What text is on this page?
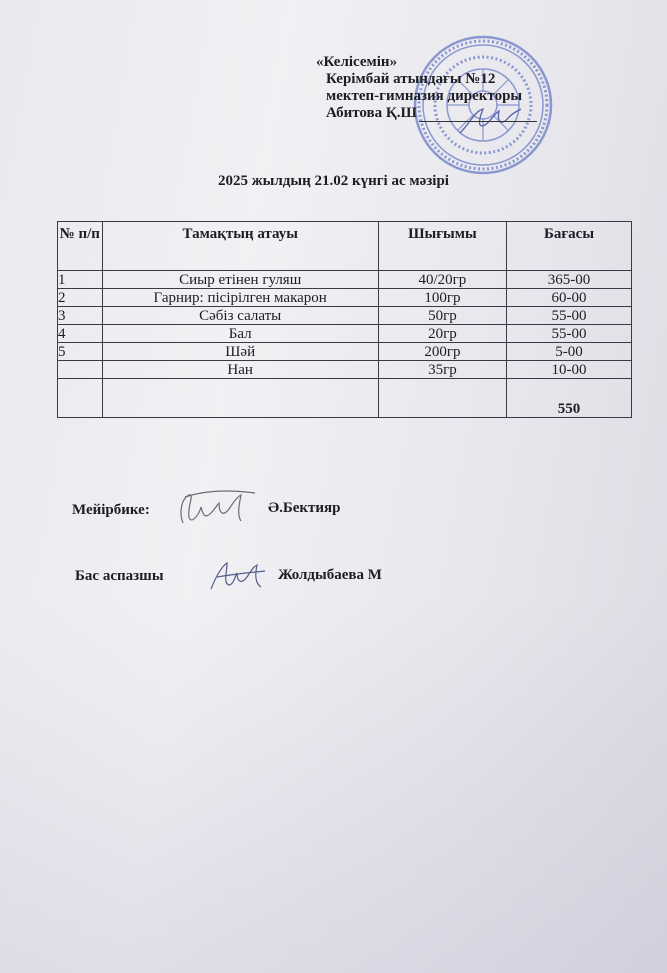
«Келісемін»
Керімбай атындағы №12
мектеп-гимназия директоры
Абитова Қ.Ш
2025 жылдың 21.02 күнгі ас мәзірі
№ п/п	Тамақтың атауы	Шығымы	Бағасы
1	Сиыр етінен гуляш	40/20гр	365-00
2	Гарнир: пісірілген макарон	100гр	60-00
3	Сәбіз салаты	50гр	55-00
4	Бал	20гр	55-00
5	Шәй	200гр	5-00
	Нан	35гр	10-00
			550
Мейірбике:	Ә.Бектияр
Бас аспазшы	Жолдыбаева М
